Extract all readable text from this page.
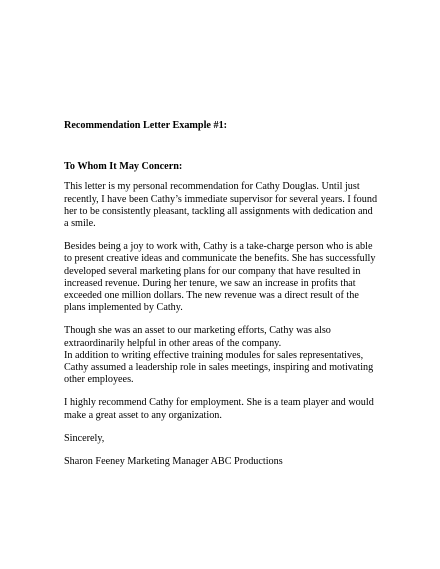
Recommendation Letter Example #1:

To Whom It May Concern:

This letter is my personal recommendation for Cathy Douglas. Until just
recently, I have been Cathy’s immediate supervisor for several years. I found
her to be consistently pleasant, tackling all assignments with dedication and
a smile.

Besides being a joy to work with, Cathy is a take-charge person who is able
to present creative ideas and communicate the benefits. She has successfully
developed several marketing plans for our company that have resulted in
increased revenue. During her tenure, we saw an increase in profits that
exceeded one million dollars. The new revenue was a direct result of the
plans implemented by Cathy.

Though she was an asset to our marketing efforts, Cathy was also
extraordinarily helpful in other areas of the company.
In addition to writing effective training modules for sales representatives,
Cathy assumed a leadership role in sales meetings, inspiring and motivating
other employees.

I highly recommend Cathy for employment. She is a team player and would
make a great asset to any organization.

Sincerely,

Sharon Feeney Marketing Manager ABC Productions
